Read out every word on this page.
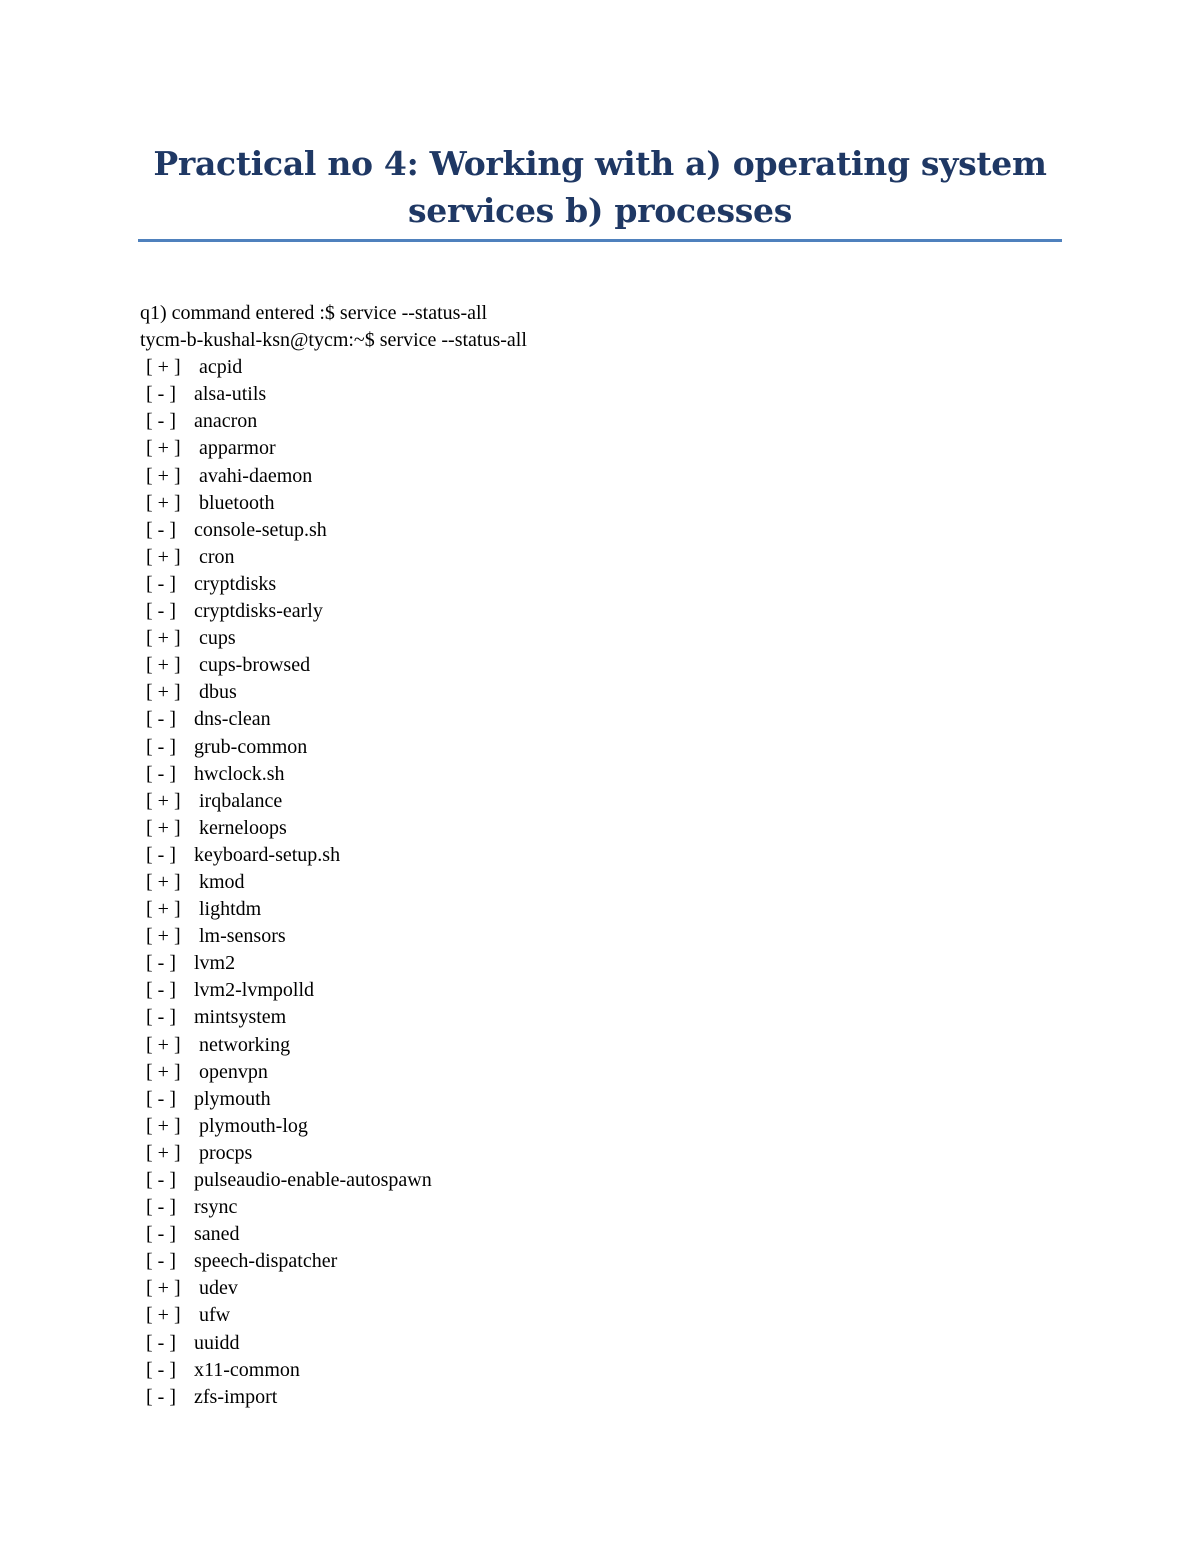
Practical no 4: Working with a) operating system
services b) processes
q1) command entered :$ service --status-all
tycm-b-kushal-ksn@tycm:~$ service --status-all
[ + ] acpid
[ - ] alsa-utils
[ - ] anacron
[ + ] apparmor
[ + ] avahi-daemon
[ + ] bluetooth
[ - ] console-setup.sh
[ + ] cron
[ - ] cryptdisks
[ - ] cryptdisks-early
[ + ] cups
[ + ] cups-browsed
[ + ] dbus
[ - ] dns-clean
[ - ] grub-common
[ - ] hwclock.sh
[ + ] irqbalance
[ + ] kerneloops
[ - ] keyboard-setup.sh
[ + ] kmod
[ + ] lightdm
[ + ] lm-sensors
[ - ] lvm2
[ - ] lvm2-lvmpolld
[ - ] mintsystem
[ + ] networking
[ + ] openvpn
[ - ] plymouth
[ + ] plymouth-log
[ + ] procps
[ - ] pulseaudio-enable-autospawn
[ - ] rsync
[ - ] saned
[ - ] speech-dispatcher
[ + ] udev
[ + ] ufw
[ - ] uuidd
[ - ] x11-common
[ - ] zfs-import
